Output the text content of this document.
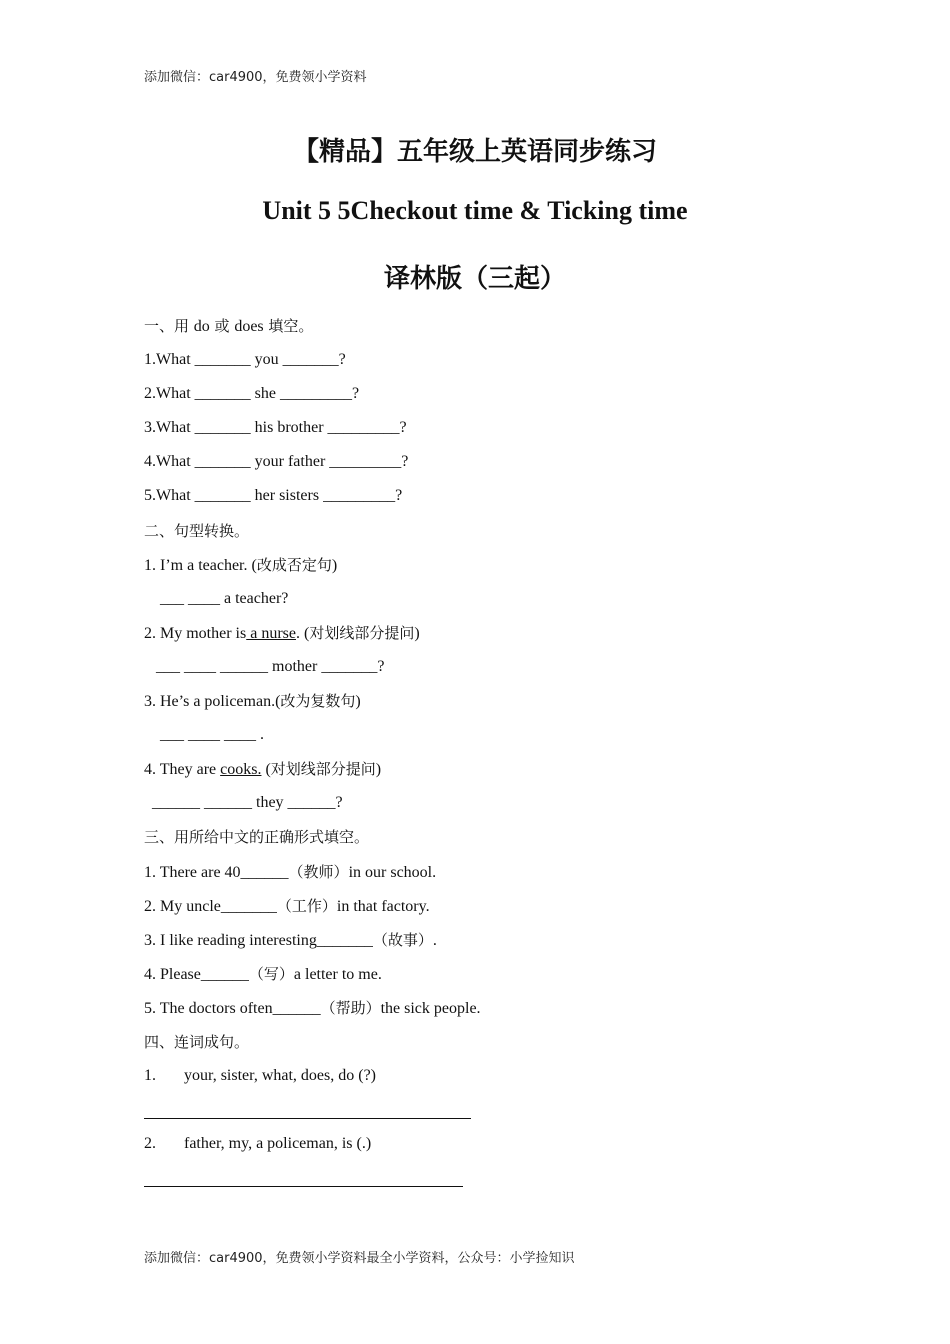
添加微信：car4900，免费领小学资料
【精品】五年级上英语同步练习
Unit 5 5Checkout time & Ticking time
译林版（三起）
一、用 do 或 does 填空。
1.What _______ you _______?
2.What _______ she _________?
3.What _______ his brother _________?
4.What _______ your father _________?
5.What _______ her sisters _________?
二、句型转换。
1. I’m a teacher. (改成否定句)
___ ____ a teacher?
2. My mother is a nurse. (对划线部分提问)
___ ____ ______ mother _______?
3. He’s a policeman.(改为复数句)
___ ____ ____ .
4. They are cooks. (对划线部分提问)
______ ______ they ______?
三、用所给中文的正确形式填空。
1. There are 40______（教师）in our school.
2. My uncle_______（工作）in that factory.
3. I like reading interesting_______（故事）.
4. Please______（写）a letter to me.
5. The doctors often______（帮助）the sick people.
四、连词成句。
1. your, sister, what, does, do (?)
2. father, my, a policeman, is (.)
添加微信：car4900，免费领小学资料最全小学资料，公众号：小学捡知识
